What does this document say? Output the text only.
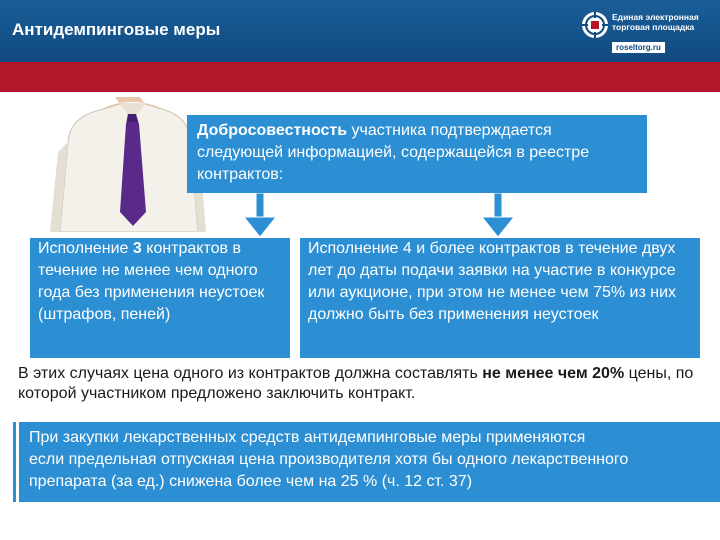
Антидемпинговые меры
Единая электронная
торговая площадка
roseltorg.ru
Добросовестность участника подтверждается следующей информацией, содержащейся в реестре контрактов:
Исполнение 3 контрактов в течение не менее чем одного года без применения неустоек (штрафов, пеней)
Исполнение 4 и более контрактов в течение двух лет до даты подачи заявки на участие в конкурсе или аукционе, при этом не менее чем 75% из них должно быть без применения неустоек
В этих случаях цена одного из контрактов должна составлять не менее чем 20% цены, по которой участником предложено заключить контракт.
При закупки лекарственных средств антидемпинговые меры применяются
если предельная отпускная цена производителя хотя бы одного лекарственного
препарата (за ед.) снижена более чем на 25 % (ч. 12 ст. 37)
